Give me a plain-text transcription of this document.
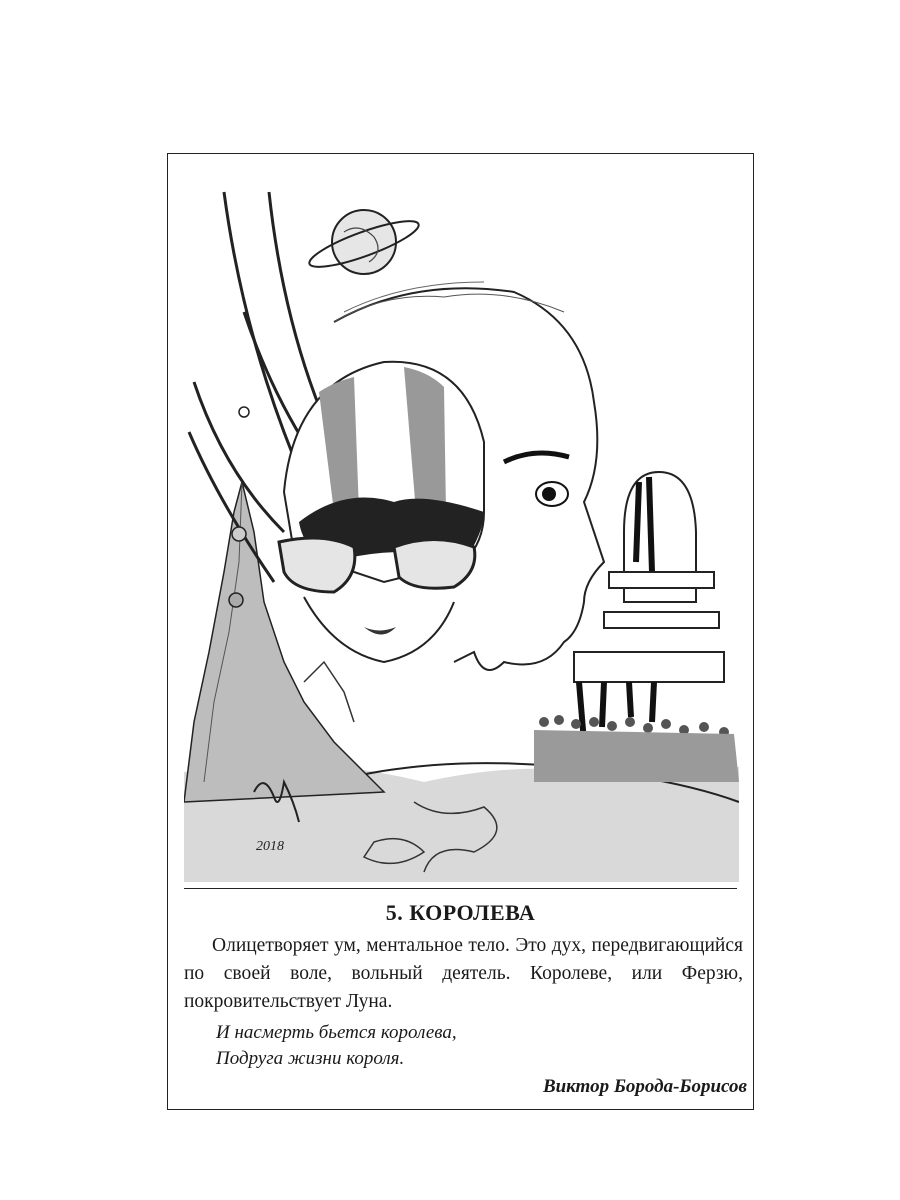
2018
5. КОРОЛЕВА
Олицетворяет ум, ментальное тело. Это дух, передвигающийся по своей воле, вольный деятель. Королеве, или Ферзю, покровительствует Луна.
И насмерть бьется королева,
Подруга жизни короля.
Виктор Борода-Борисов
